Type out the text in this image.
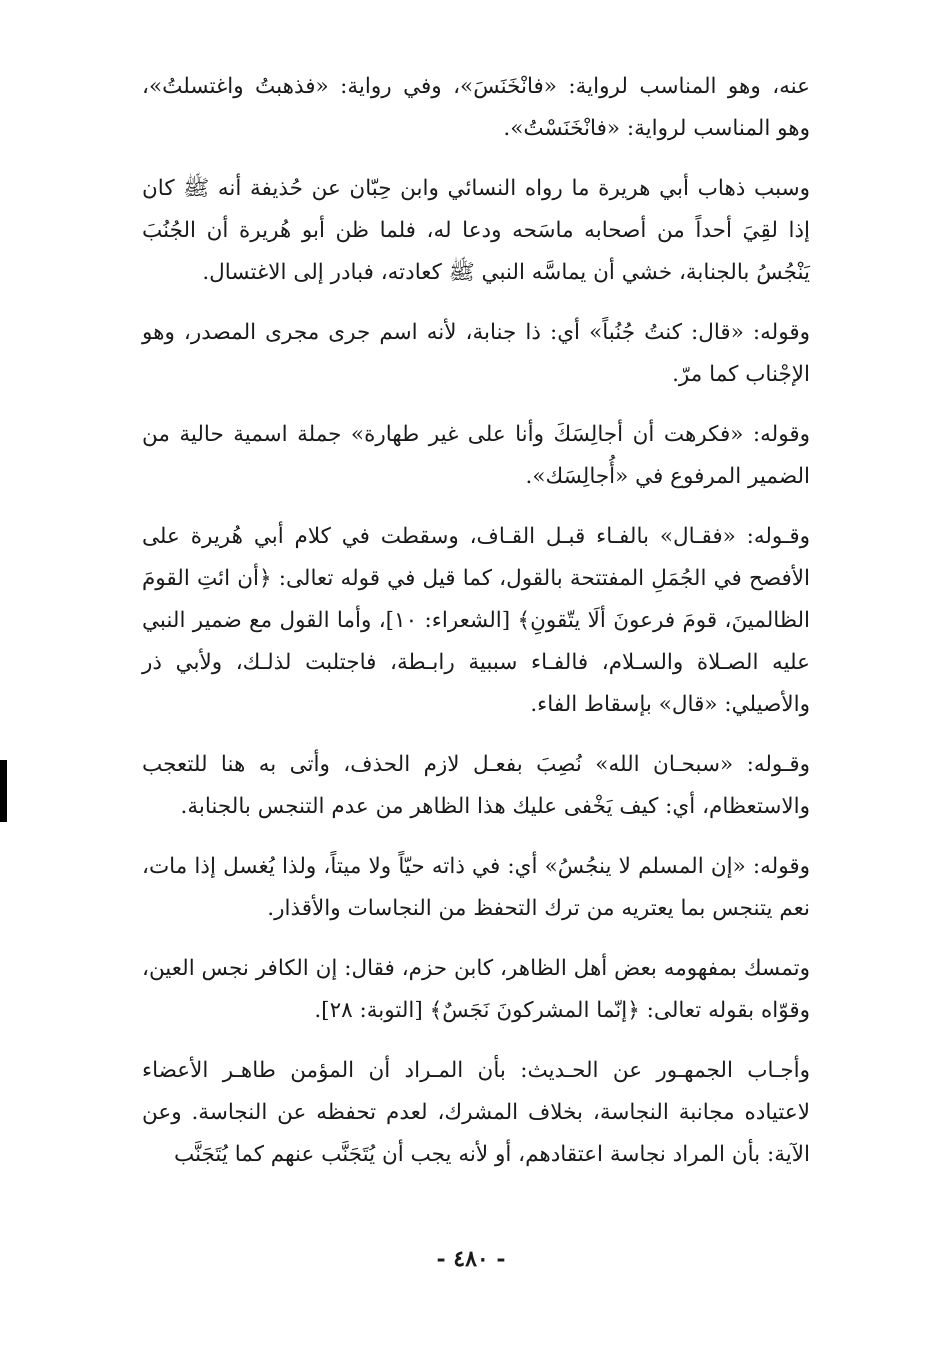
عنه، وهو المناسب لرواية: «فانْخَنَسَ»، وفي رواية: «فذهبتُ واغتسلتُ»، وهو المناسب لرواية: «فانْخَنَسْتُ».

وسبب ذهاب أبي هريرة ما رواه النسائي وابن حِبّان عن حُذيفة أنه ﷺ كان إذا لقِيَ أحداً من أصحابه ماسَحه ودعا له، فلما ظن أبو هُريرة أن الجُنُبَ يَنْجُسُ بالجنابة، خشي أن يماسَّه النبي ﷺ كعادته، فبادر إلى الاغتسال.

وقوله: «قال: كنتُ جُنُباً» أي: ذا جنابة، لأنه اسم جرى مجرى المصدر، وهو الإجْناب كما مرّ.

وقوله: «فكرهت أن أجالِسَكَ وأنا على غير طهارة» جملة اسمية حالية من الضمير المرفوع في «أُجالِسَك».

وقـوله: «فقـال» بالفـاء قبـل القـاف، وسقطت في كلام أبي هُريرة على الأفصح في الجُمَلِ المفتتحة بالقول، كما قيل في قوله تعالى: ﴿أن ائتِ القومَ الظالمينَ، قومَ فرعونَ ألَا يتّقونِ﴾ [الشعراء: ١٠]، وأما القول مع ضمير النبي عليه الصـلاة والسـلام، فالفـاء سببية رابـطة، فاجتلبت لذلـك، ولأبي ذر والأصيلي: «قال» بإسقاط الفاء.

وقـوله: «سبحـان الله» نُصِبَ بفعـل لازم الحذف، وأتى به هنا للتعجب والاستعظام، أي: كيف يَخْفى عليك هذا الظاهر من عدم التنجس بالجنابة.

وقوله: «إن المسلم لا ينجُسُ» أي: في ذاته حيّاً ولا ميتاً، ولذا يُغسل إذا مات، نعم يتنجس بما يعتريه من ترك التحفظ من النجاسات والأقذار.

وتمسك بمفهومه بعض أهل الظاهر، كابن حزم، فقال: إن الكافر نجس العين، وقوّاه بقوله تعالى: ﴿إنّما المشركونَ نَجَسٌ﴾ [التوبة: ٢٨].

وأجـاب الجمهـور عن الحـديث: بأن المـراد أن المؤمن طاهـر الأعضاء لاعتياده مجانبة النجاسة، بخلاف المشرك، لعدم تحفظه عن النجاسة. وعن الآية: بأن المراد نجاسة اعتقادهم، أو لأنه يجب أن يُتَجَنَّب عنهم كما يُتَجَنَّب

- ٤٨٠ -
